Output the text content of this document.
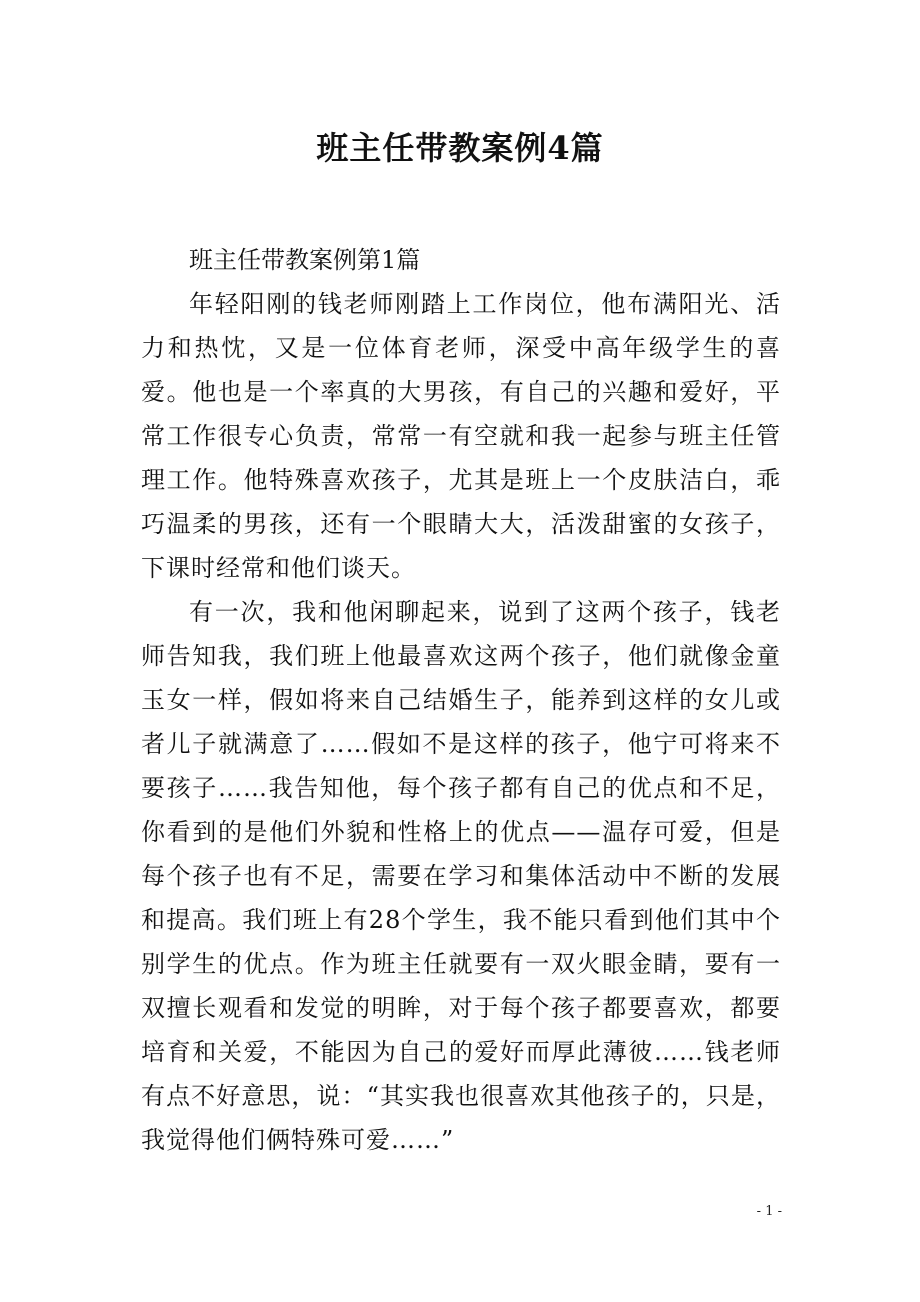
班主任带教案例4篇

班主任带教案例第1篇

年轻阳刚的钱老师刚踏上工作岗位，他布满阳光、活力和热忱，又是一位体育老师，深受中高年级学生的喜爱。他也是一个率真的大男孩，有自己的兴趣和爱好，平常工作很专心负责，常常一有空就和我一起参与班主任管理工作。他特殊喜欢孩子，尤其是班上一个皮肤洁白，乖巧温柔的男孩，还有一个眼睛大大，活泼甜蜜的女孩子，下课时经常和他们谈天。

有一次，我和他闲聊起来，说到了这两个孩子，钱老师告知我，我们班上他最喜欢这两个孩子，他们就像金童玉女一样，假如将来自己结婚生子，能养到这样的女儿或者儿子就满意了……假如不是这样的孩子，他宁可将来不要孩子……我告知他，每个孩子都有自己的优点和不足，你看到的是他们外貌和性格上的优点——温存可爱，但是每个孩子也有不足，需要在学习和集体活动中不断的发展和提高。我们班上有28个学生，我不能只看到他们其中个别学生的优点。作为班主任就要有一双火眼金睛，要有一双擅长观看和发觉的明眸，对于每个孩子都要喜欢，都要培育和关爱，不能因为自己的爱好而厚此薄彼……钱老师有点不好意思，说：“其实我也很喜欢其他孩子的，只是，我觉得他们俩特殊可爱……”

- 1 -
